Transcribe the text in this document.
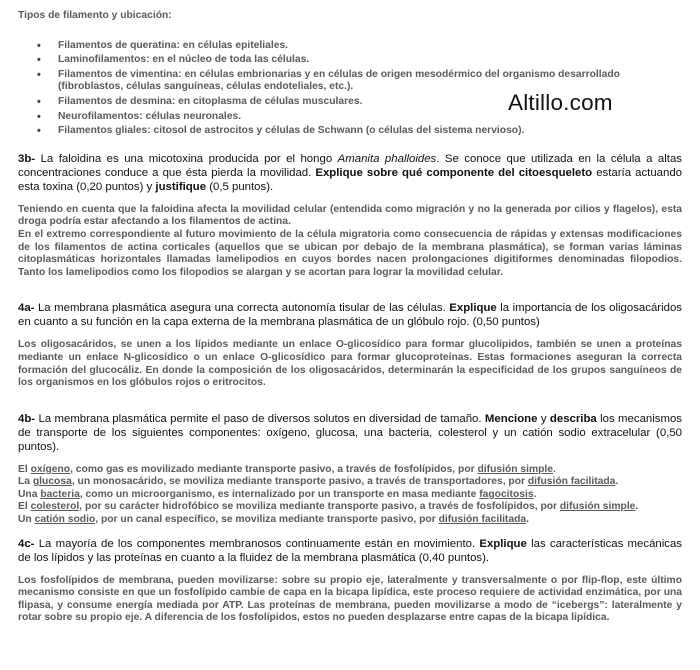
Altillo.com

Tipos de filamento y ubicación:

• Filamentos de queratina: en células epiteliales.
• Laminofilamentos: en el núcleo de toda las células.
• Filamentos de vimentina: en células embrionarias y en células de origen mesodérmico del organismo desarrollado (fibroblastos, células sanguíneas, células endoteliales, etc.).
• Filamentos de desmina: en citoplasma de células musculares.
• Neurofilamentos: células neuronales.
• Filamentos gliales: citosol de astrocitos y células de Schwann (o células del sistema nervioso).

3b- La faloidina es una micotoxina producida por el hongo Amanita phalloides. Se conoce que utilizada en la célula a altas concentraciones conduce a que ésta pierda la movilidad. Explique sobre qué componente del citoesqueleto estaría actuando esta toxina (0,20 puntos) y justifique (0,5 puntos).

Teniendo en cuenta que la faloidina afecta la movilidad celular (entendida como migración y no la generada por cilios y flagelos), esta droga podría estar afectando a los filamentos de actina.

En el extremo correspondiente al futuro movimiento de la célula migratoria como consecuencia de rápidas y extensas modificaciones de los filamentos de actina corticales (aquellos que se ubican por debajo de la membrana plasmática), se forman varias láminas citoplasmáticas horizontales llamadas lamelipodios en cuyos bordes nacen prolongaciones digitiformes denominadas filopodios. Tanto los lamelipodios como los filopodios se alargan y se acortan para lograr la movilidad celular.

4a- La membrana plasmática asegura una correcta autonomía tisular de las células. Explique la importancia de los oligosacáridos en cuanto a su función en la capa externa de la membrana plasmática de un glóbulo rojo. (0,50 puntos)

Los oligosacáridos, se unen a los lípidos mediante un enlace O-glicosídico para formar glucolípidos, también se unen a proteínas mediante un enlace N-glicosídico o un enlace O-glicosídico para formar glucoproteínas. Estas formaciones aseguran la correcta formación del glucocáliz. En donde la composición de los oligosacáridos, determinarán la especificidad de los grupos sanguíneos de los organismos en los glóbulos rojos o eritrocitos.

4b- La membrana plasmática permite el paso de diversos solutos en diversidad de tamaño. Mencione y describa los mecanismos de transporte de los siguientes componentes: oxígeno, glucosa, una bacteria, colesterol y un catión sodio extracelular (0,50 puntos).

El oxígeno, como gas es movilizado mediante transporte pasivo, a través de fosfolípidos, por difusión simple.

La glucosa, un monosacárido, se moviliza mediante transporte pasivo, a través de transportadores, por difusión facilitada.

Una bacteria, como un microorganismo, es internalizado por un transporte en masa mediante fagocitosis.

El colesterol, por su carácter hidrofóbico se moviliza mediante transporte pasivo, a través de fosfolípidos, por difusión simple.

Un catión sodio, por un canal específico, se moviliza mediante transporte pasivo, por difusión facilitada.

4c- La mayoría de los componentes membranosos continuamente están en movimiento. Explique las características mecánicas de los lípidos y las proteínas en cuanto a la fluidez de la membrana plasmática (0,40 puntos).

Los fosfolípidos de membrana, pueden movilizarse: sobre su propio eje, lateralmente y transversalmente o por flip-flop, este último mecanismo consiste en que un fosfolípido cambie de capa en la bicapa lipídica, este proceso requiere de actividad enzimática, por una flipasa, y consume energía mediada por ATP. Las proteínas de membrana, pueden movilizarse a modo de “icebergs”: lateralmente y rotar sobre su propio eje. A diferencia de los fosfolípidos, estos no pueden desplazarse entre capas de la bicapa lipídica.
